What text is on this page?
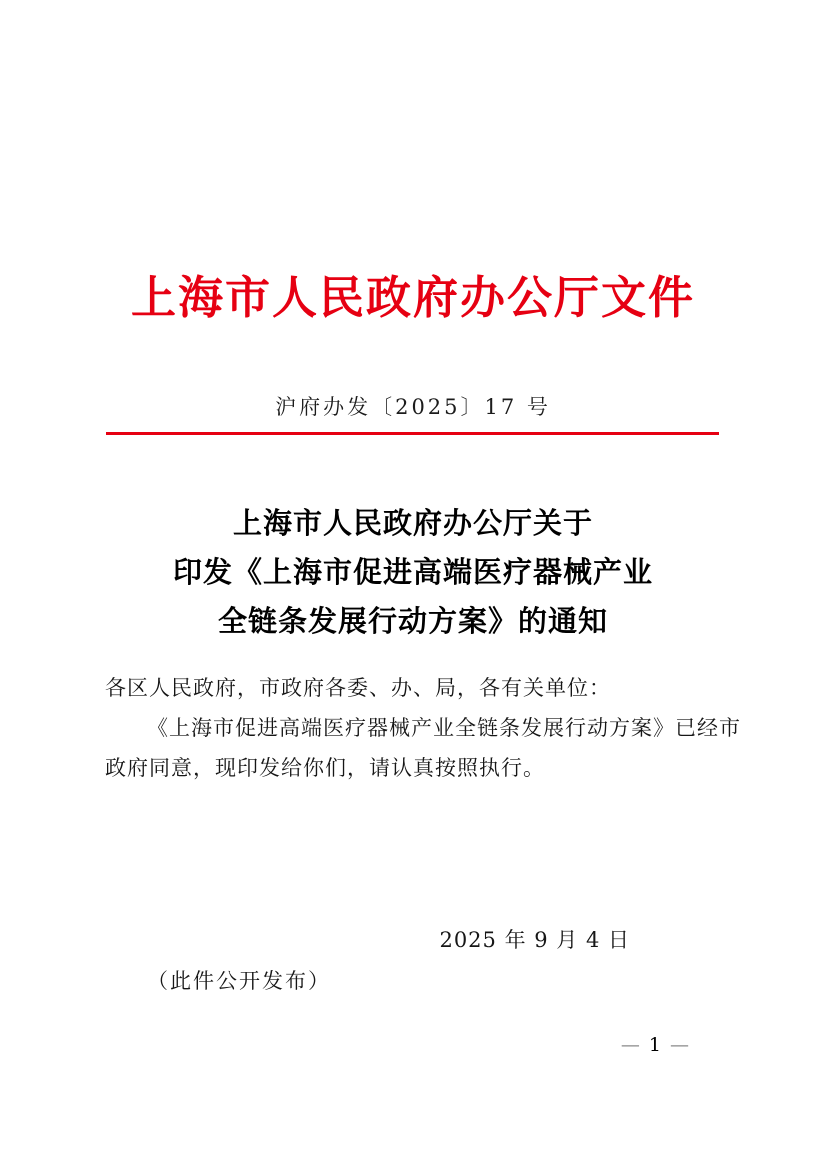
上海市人民政府办公厅文件
沪府办发〔2025〕17 号
上海市人民政府办公厅关于
印发《上海市促进高端医疗器械产业
全链条发展行动方案》的通知
各区人民政府，市政府各委、办、局，各有关单位：
《上海市促进高端医疗器械产业全链条发展行动方案》已经市
政府同意，现印发给你们，请认真按照执行。
2025 年 9 月 4 日
（此件公开发布）
— 1 —
